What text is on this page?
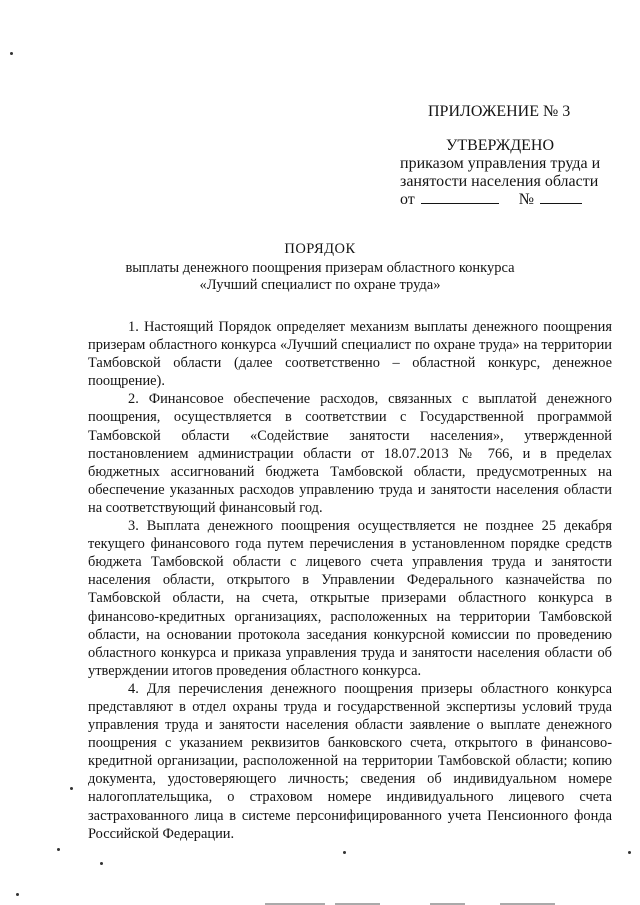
ПРИЛОЖЕНИЕ № 3
УТВЕРЖДЕНО
приказом управления труда и
занятости населения области
от	№
ПОРЯДОК
выплаты денежного поощрения призерам областного конкурса
«Лучший специалист по охране труда»

1. Настоящий Порядок определяет механизм выплаты денежного поощрения призерам областного конкурса «Лучший специалист по охране труда» на территории Тамбовской области (далее соответственно – областной конкурс, денежное поощрение).

2. Финансовое обеспечение расходов, связанных с выплатой денежного поощрения, осуществляется в соответствии с Государственной программой Тамбовской области «Содействие занятости населения», утвержденной постановлением администрации области от 18.07.2013 № 766, и в пределах бюджетных ассигнований бюджета Тамбовской области, предусмотренных на обеспечение указанных расходов управлению труда и занятости населения области на соответствующий финансовый год.

3. Выплата денежного поощрения осуществляется не позднее 25 декабря текущего финансового года путем перечисления в установленном порядке средств бюджета Тамбовской области с лицевого счета управления труда и занятости населения области, открытого в Управлении Федерального казначейства по Тамбовской области, на счета, открытые призерами областного конкурса в финансово-кредитных организациях, расположенных на территории Тамбовской области, на основании протокола заседания конкурсной комиссии по проведению областного конкурса и приказа управления труда и занятости населения области об утверждении итогов проведения областного конкурса.

4. Для перечисления денежного поощрения призеры областного конкурса представляют в отдел охраны труда и государственной экспертизы условий труда управления труда и занятости населения области заявление о выплате денежного поощрения с указанием реквизитов банковского счета, открытого в финансово-кредитной организации, расположенной на территории Тамбовской области; копию документа, удостоверяющего личность; сведения об индивидуальном номере налогоплательщика, о страховом номере индивидуального лицевого счета застрахованного лица в системе персонифицированного учета Пенсионного фонда Российской Федерации.
